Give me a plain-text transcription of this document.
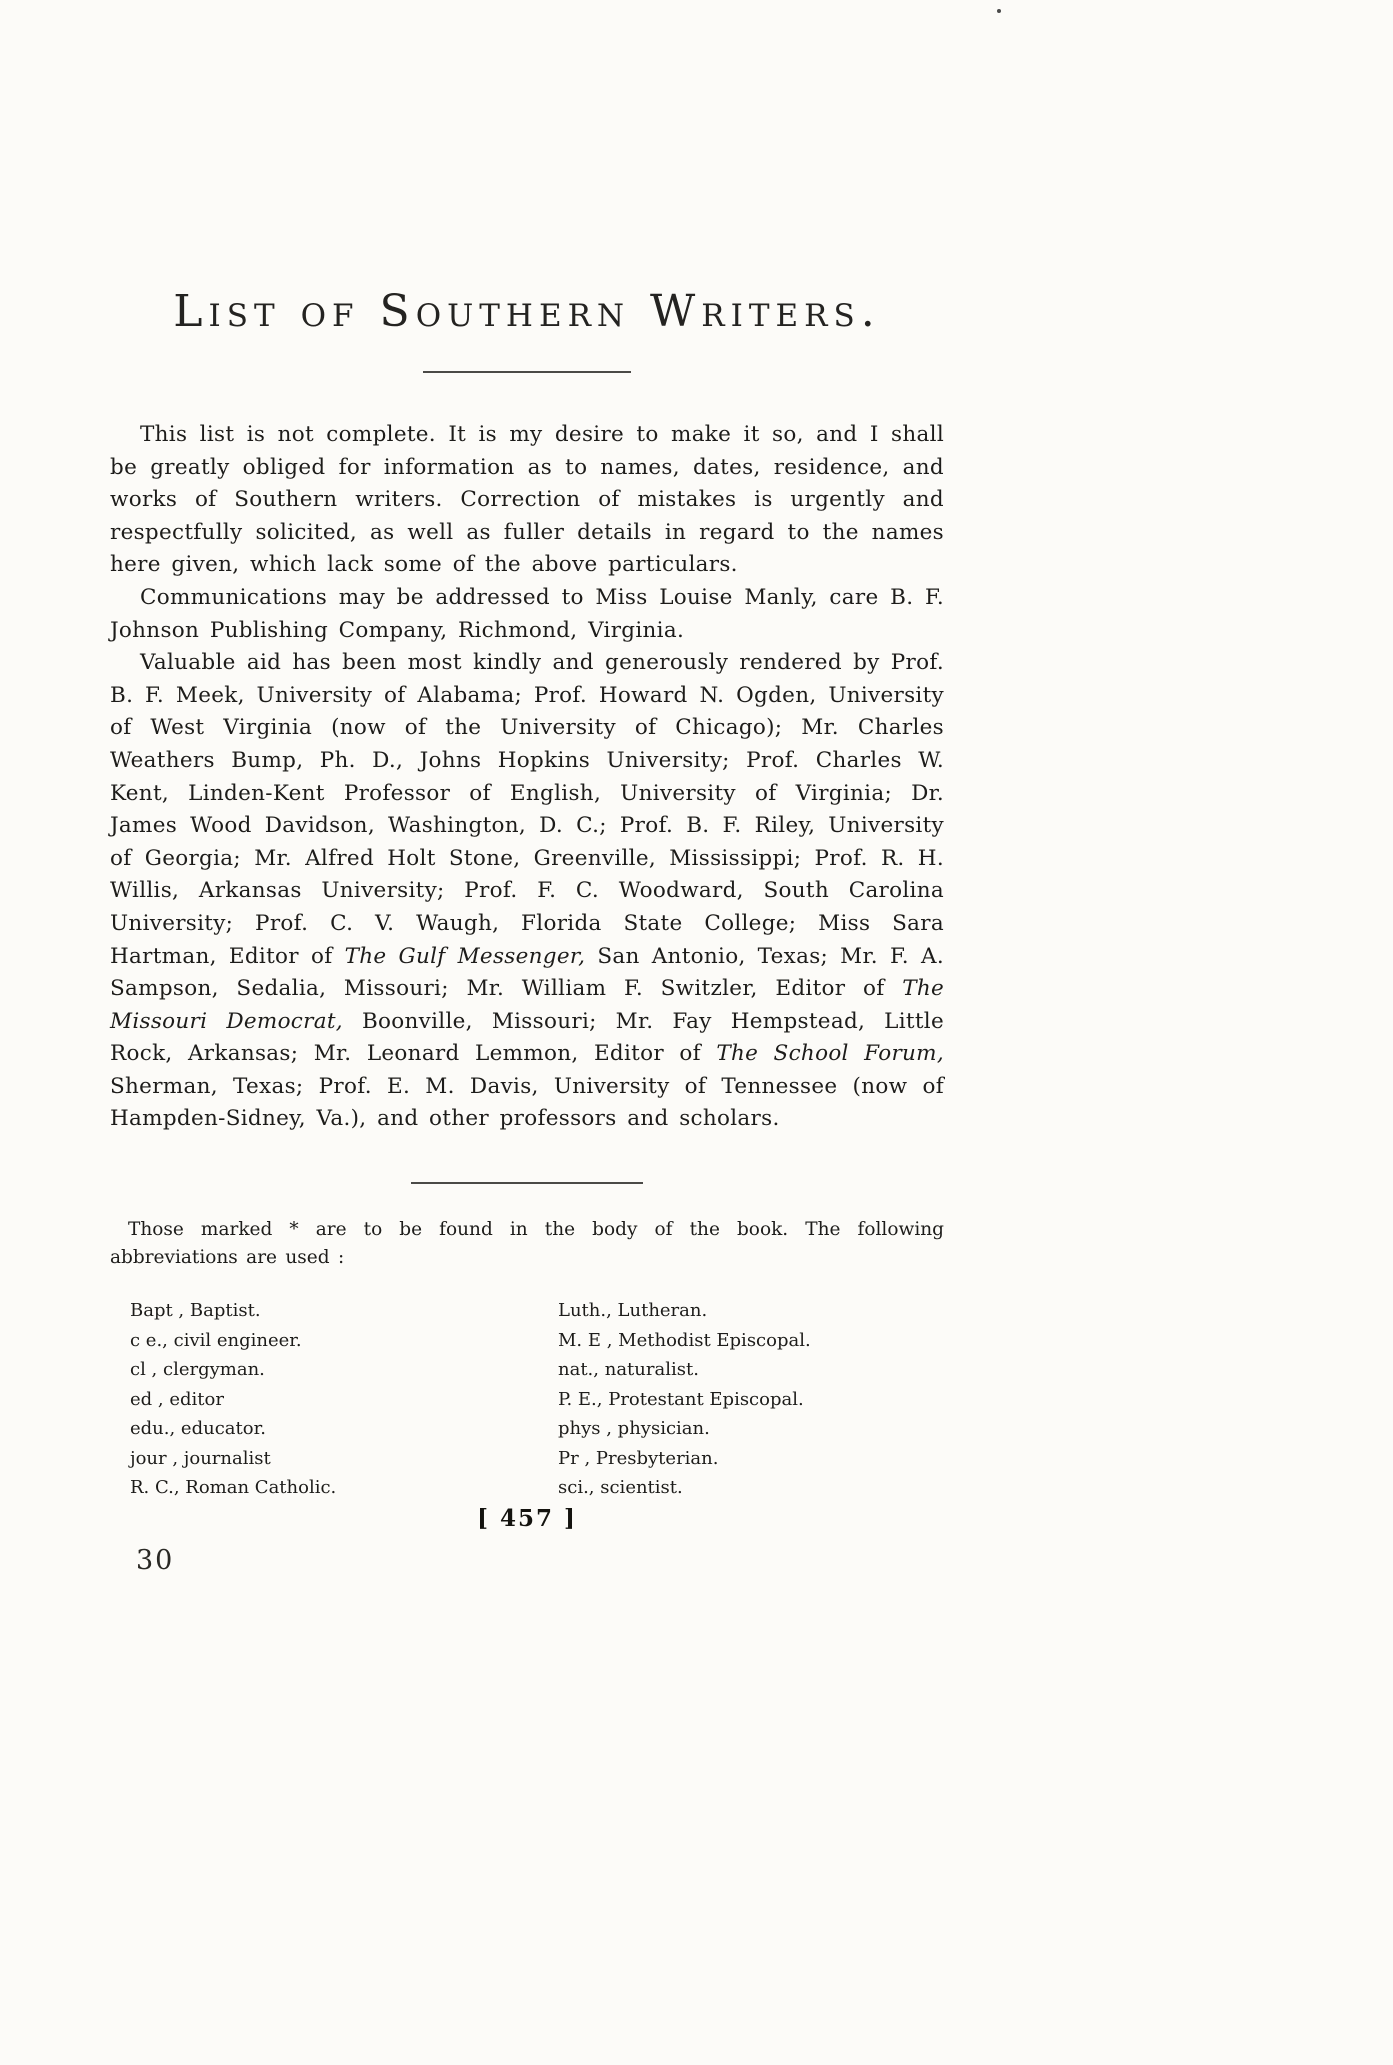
List of Southern Writers.

This list is not complete. It is my desire to make it so, and I shall be greatly obliged for information as to names, dates, residence, and works of Southern writers. Correction of mistakes is urgently and respectfully solicited, as well as fuller details in regard to the names here given, which lack some of the above particulars.

Communications may be addressed to Miss Louise Manly, care B. F. Johnson Publishing Company, Richmond, Virginia.

Valuable aid has been most kindly and generously rendered by Prof. B. F. Meek, University of Alabama; Prof. Howard N. Ogden, University of West Virginia (now of the University of Chicago); Mr. Charles Weathers Bump, Ph. D., Johns Hopkins University; Prof. Charles W. Kent, Linden-Kent Professor of English, University of Virginia; Dr. James Wood Davidson, Washington, D. C.; Prof. B. F. Riley, University of Georgia; Mr. Alfred Holt Stone, Greenville, Mississippi; Prof. R. H. Willis, Arkansas University; Prof. F. C. Woodward, South Carolina University; Prof. C. V. Waugh, Florida State College; Miss Sara Hartman, Editor of The Gulf Messenger, San Antonio, Texas; Mr. F. A. Sampson, Sedalia, Missouri; Mr. William F. Switzler, Editor of The Missouri Democrat, Boonville, Missouri; Mr. Fay Hempstead, Little Rock, Arkansas; Mr. Leonard Lemmon, Editor of The School Forum, Sherman, Texas; Prof. E. M. Davis, University of Tennessee (now of Hampden-Sidney, Va.), and other professors and scholars.

Those marked * are to be found in the body of the book. The following abbreviations are used :

Bapt , Baptist.
c e., civil engineer.
cl , clergyman.
ed , editor
edu., educator.
jour , journalist
R. C., Roman Catholic.
Luth., Lutheran.
M. E , Methodist Episcopal.
nat., naturalist.
P. E., Protestant Episcopal.
phys , physician.
Pr , Presbyterian.
sci., scientist.
[ 457 ]
30
